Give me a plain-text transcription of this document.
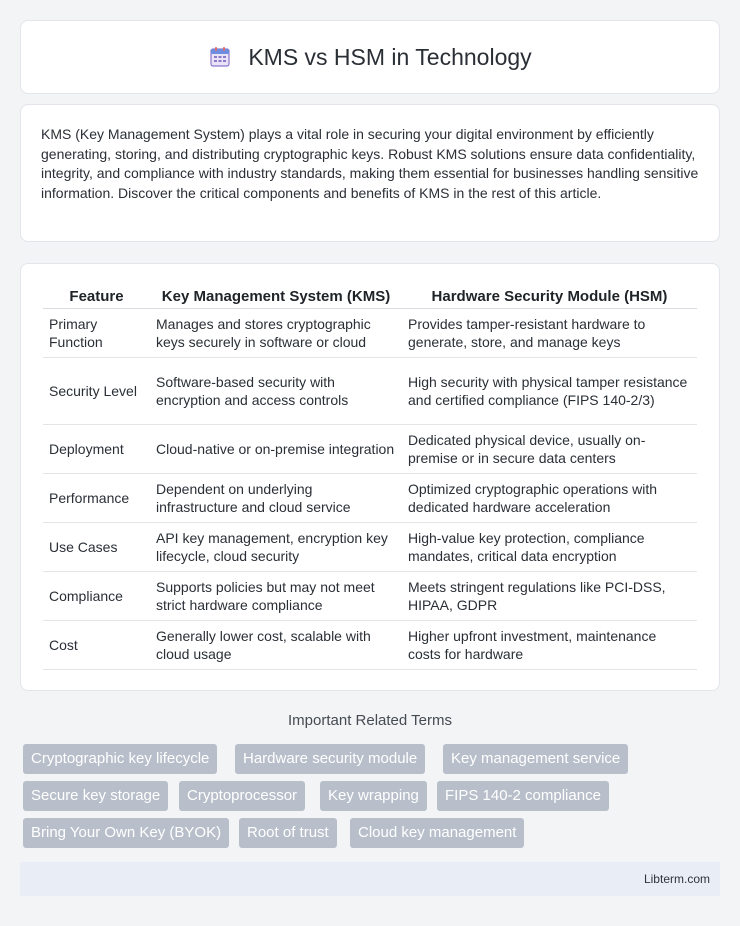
KMS vs HSM in Technology

KMS (Key Management System) plays a vital role in securing your digital environment by efficiently generating, storing, and distributing cryptographic keys. Robust KMS solutions ensure data confidentiality, integrity, and compliance with industry standards, making them essential for businesses handling sensitive information. Discover the critical components and benefits of KMS in the rest of this article.

Feature	Key Management System (KMS)	Hardware Security Module (HSM)
Primary Function	Manages and stores cryptographic keys securely in software or cloud	Provides tamper-resistant hardware to generate, store, and manage keys
Security Level	Software-based security with encryption and access controls	High security with physical tamper resistance and certified compliance (FIPS 140-2/3)
Deployment	Cloud-native or on-premise integration	Dedicated physical device, usually on-premise or in secure data centers
Performance	Dependent on underlying infrastructure and cloud service	Optimized cryptographic operations with dedicated hardware acceleration
Use Cases	API key management, encryption key lifecycle, cloud security	High-value key protection, compliance mandates, critical data encryption
Compliance	Supports policies but may not meet strict hardware compliance	Meets stringent regulations like PCI-DSS, HIPAA, GDPR
Cost	Generally lower cost, scalable with cloud usage	Higher upfront investment, maintenance costs for hardware
Important Related Terms
Cryptographic key lifecycle	Hardware security module	Key management service
Secure key storage	Cryptoprocessor	Key wrapping	FIPS 140-2 compliance
Bring Your Own Key (BYOK)	Root of trust	Cloud key management
Libterm.com
